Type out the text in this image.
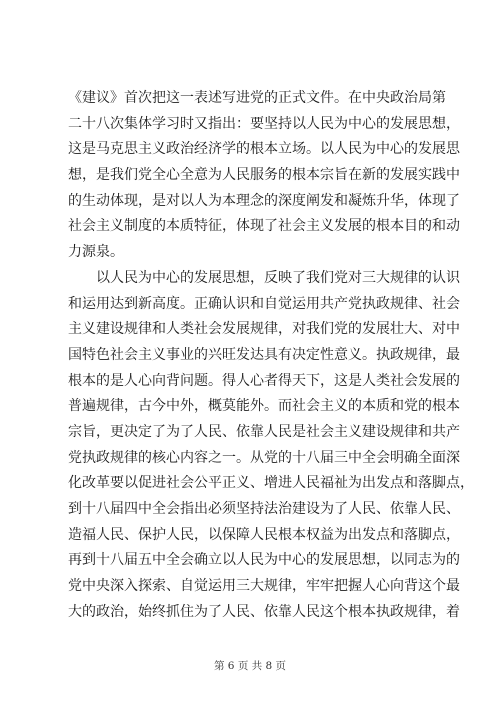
《建议》首次把这一表述写进党的正式文件。在中央政治局第
二十八次集体学习时又指出：要坚持以人民为中心的发展思想，
这是马克思主义政治经济学的根本立场。以人民为中心的发展思
想，是我们党全心全意为人民服务的根本宗旨在新的发展实践中
的生动体现，是对以人为本理念的深度阐发和凝炼升华，体现了
社会主义制度的本质特征，体现了社会主义发展的根本目的和动
力源泉。
以人民为中心的发展思想，反映了我们党对三大规律的认识
和运用达到新高度。正确认识和自觉运用共产党执政规律、社会
主义建设规律和人类社会发展规律，对我们党的发展壮大、对中
国特色社会主义事业的兴旺发达具有决定性意义。执政规律，最
根本的是人心向背问题。得人心者得天下，这是人类社会发展的
普遍规律，古今中外，概莫能外。而社会主义的本质和党的根本
宗旨，更决定了为了人民、依靠人民是社会主义建设规律和共产
党执政规律的核心内容之一。从党的十八届三中全会明确全面深
化改革要以促进社会公平正义、增进人民福祉为出发点和落脚点，
到十八届四中全会指出必须坚持法治建设为了人民、依靠人民、
造福人民、保护人民，以保障人民根本权益为出发点和落脚点，
再到十八届五中全会确立以人民为中心的发展思想，以同志为的
党中央深入探索、自觉运用三大规律，牢牢把握人心向背这个最
大的政治，始终抓住为了人民、依靠人民这个根本执政规律，着
第 6 页 共 8 页
